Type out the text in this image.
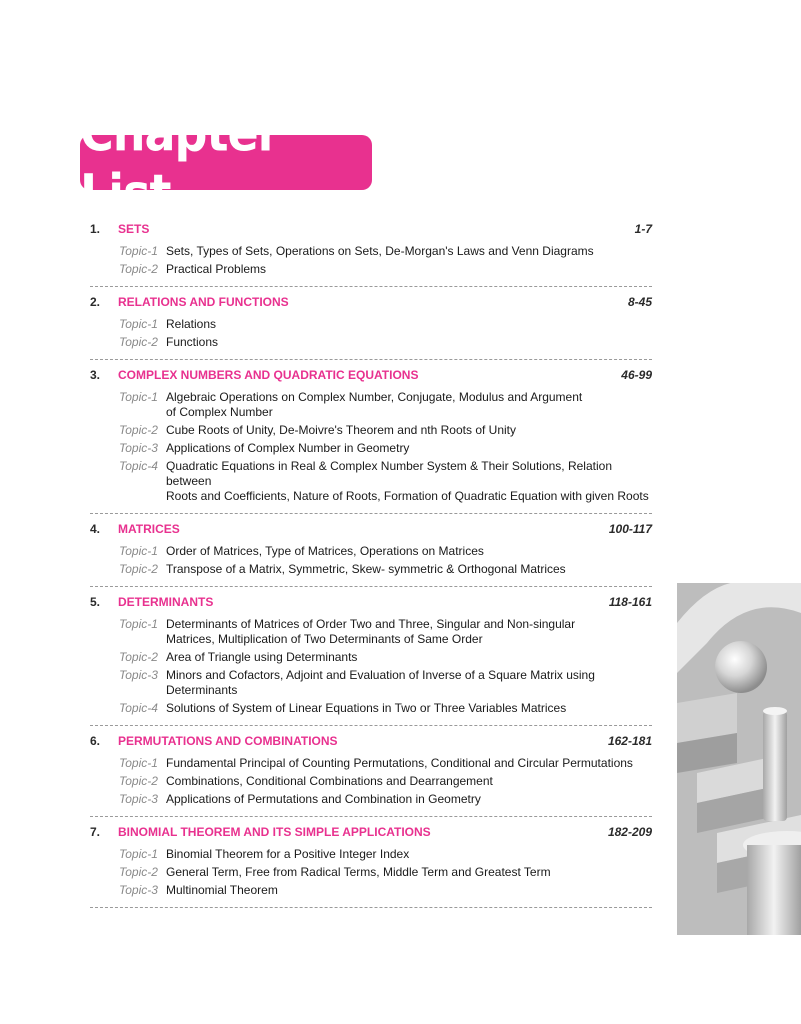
Chapter List
1.	SETS	1-7
Topic-1 Sets, Types of Sets, Operations on Sets, De-Morgan's Laws and Venn Diagrams
Topic-2 Practical Problems
2.	RELATIONS AND FUNCTIONS	8-45
Topic-1 Relations
Topic-2 Functions
3.	COMPLEX NUMBERS AND QUADRATIC EQUATIONS	46-99
Topic-1 Algebraic Operations on Complex Number, Conjugate, Modulus and Argument
of Complex Number
Topic-2 Cube Roots of Unity, De-Moivre's Theorem and nth Roots of Unity
Topic-3 Applications of Complex Number in Geometry
Topic-4 Quadratic Equations in Real & Complex Number System & Their Solutions, Relation between
Roots and Coefficients, Nature of Roots, Formation of Quadratic Equation with given Roots
4.	MATRICES	100-117
Topic-1 Order of Matrices, Type of Matrices, Operations on Matrices
Topic-2 Transpose of a Matrix, Symmetric, Skew- symmetric & Orthogonal Matrices
5.	DETERMINANTS	118-161
Topic-1 Determinants of Matrices of Order Two and Three, Singular and Non-singular
Matrices, Multiplication of Two Determinants of Same Order
Topic-2 Area of Triangle using Determinants
Topic-3 Minors and Cofactors, Adjoint and Evaluation of Inverse of a Square Matrix using Determinants
Topic-4 Solutions of System of Linear Equations in Two or Three Variables Matrices
6.	PERMUTATIONS AND COMBINATIONS	162-181
Topic-1 Fundamental Principal of Counting Permutations, Conditional and Circular Permutations
Topic-2 Combinations, Conditional Combinations and Dearrangement
Topic-3 Applications of Permutations and Combination in Geometry
7.	BINOMIAL THEOREM AND ITS SIMPLE APPLICATIONS	182-209
Topic-1 Binomial Theorem for a Positive Integer Index
Topic-2 General Term, Free from Radical Terms, Middle Term and Greatest Term
Topic-3 Multinomial Theorem
